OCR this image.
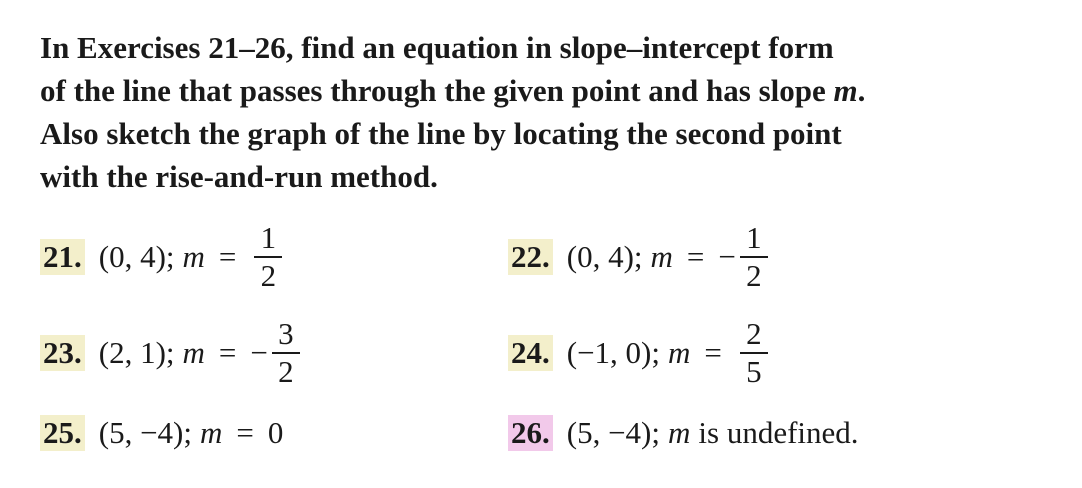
In Exercises 21–26, find an equation in slope–intercept form
of the line that passes through the given point and has slope m.
Also sketch the graph of the line by locating the second point
with the rise-and-run method.
21. (0, 4); $m = \frac{1}{2}$	22. (0, 4); m = − $\frac{1}{2}$
23. (2, 1); m = − $\frac{3}{2}$	24. (−1, 0); $m = \frac{2}{5}$
25. (5, −4); m = 0	26. (5, −4); m is undefined.
